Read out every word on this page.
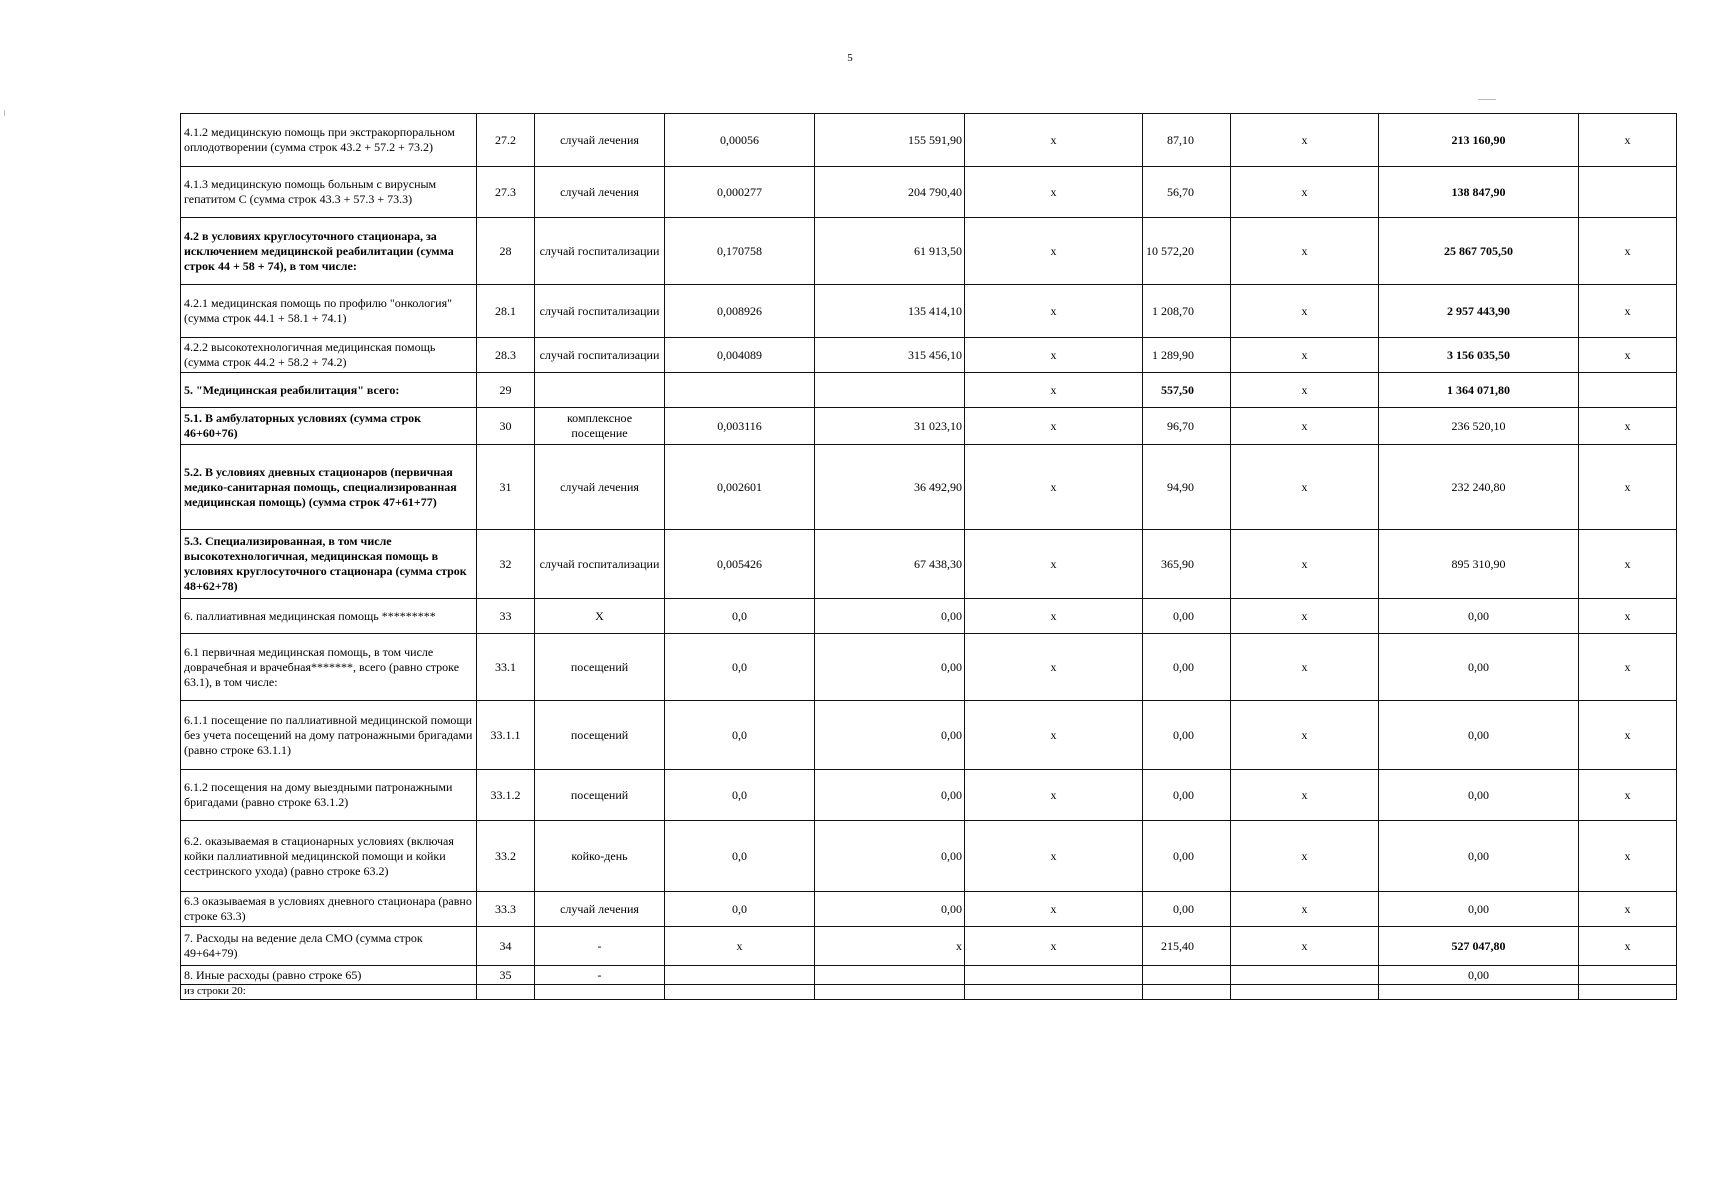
5
4.1.2 медицинскую помощь при экстракорпоральном оплодотворении (сумма строк 43.2 + 57.2 + 73.2)	27.2	случай лечения	0,00056	155 591,90	х	87,10	х	213 160,90	х
4.1.3 медицинскую помощь больным с вирусным гепатитом С (сумма строк 43.3 + 57.3 + 73.3)	27.3	случай лечения	0,000277	204 790,40	х	56,70	х	138 847,90	
4.2 в условиях круглосуточного стационара, за исключением медицинской реабилитации (сумма строк 44 + 58 + 74), в том числе:	28	случай госпитализации	0,170758	61 913,50	х	10 572,20	х	25 867 705,50	х
4.2.1 медицинская помощь по профилю "онкология" (сумма строк 44.1 + 58.1 + 74.1)	28.1	случай госпитализации	0,008926	135 414,10	х	1 208,70	х	2 957 443,90	х
4.2.2 высокотехнологичная медицинская помощь (сумма строк 44.2 + 58.2 + 74.2)	28.3	случай госпитализации	0,004089	315 456,10	х	1 289,90	х	3 156 035,50	х
5. "Медицинская реабилитация" всего:	29				х	557,50	х	1 364 071,80	
5.1. В амбулаторных условиях (сумма строк 46+60+76)	30	комплексное посещение	0,003116	31 023,10	х	96,70	х	236 520,10	х
5.2. В условиях дневных стационаров (первичная медико-санитарная помощь, специализированная медицинская помощь) (сумма строк 47+61+77)	31	случай лечения	0,002601	36 492,90	х	94,90	х	232 240,80	х
5.3. Специализированная, в том числе высокотехнологичная, медицинская помощь в условиях круглосуточного стационара (сумма строк 48+62+78)	32	случай госпитализации	0,005426	67 438,30	х	365,90	х	895 310,90	х
6. паллиативная медицинская помощь *********	33	Х	0,0	0,00	х	0,00	х	0,00	х
6.1 первичная медицинская помощь, в том числе доврачебная и врачебная*******, всего (равно строке 63.1), в том числе:	33.1	посещений	0,0	0,00	х	0,00	х	0,00	х
6.1.1 посещение по паллиативной медицинской помощи без учета посещений на дому патронажными бригадами (равно строке 63.1.1)	33.1.1	посещений	0,0	0,00	х	0,00	х	0,00	х
6.1.2 посещения на дому выездными патронажными бригадами (равно строке 63.1.2)	33.1.2	посещений	0,0	0,00	х	0,00	х	0,00	х
6.2. оказываемая в стационарных условиях (включая койки паллиативной медицинской помощи и койки сестринского ухода) (равно строке 63.2)	33.2	койко-день	0,0	0,00	х	0,00	х	0,00	х
6.3 оказываемая в условиях дневного стационара (равно строке 63.3)	33.3	случай лечения	0,0	0,00	х	0,00	х	0,00	х
7. Расходы на ведение дела СМО (сумма строк 49+64+79)	34	-	х	х	х	215,40	х	527 047,80	х
8. Иные расходы (равно строке 65)	35	-						0,00	
из строки 20:									
